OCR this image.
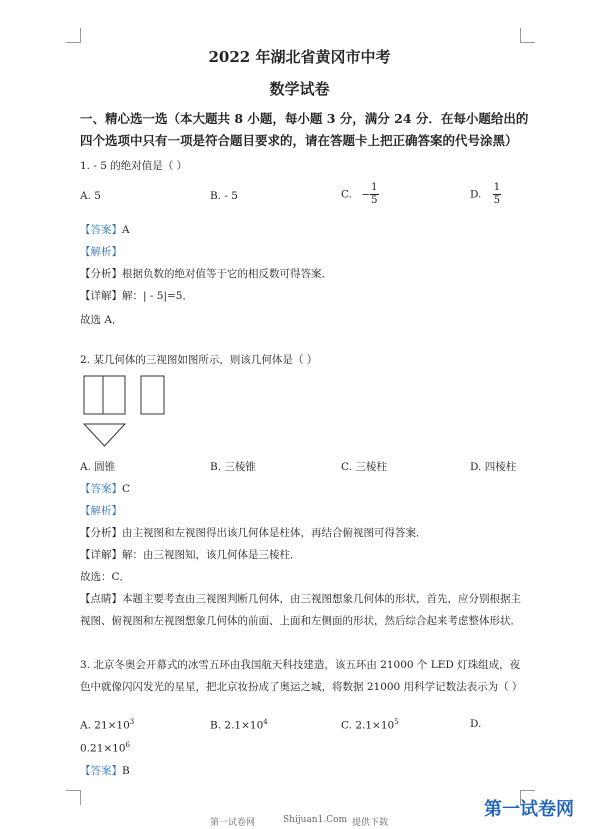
2022 年湖北省黄冈市中考
数学试卷
一、精心选一选（本大题共 8 小题，每小题 3 分，满分 24 分．在每小题给出的四个选项中只有一项是符合题目要求的，请在答题卡上把正确答案的代号涂黑）
1. - 5 的绝对值是（ ）
A. 5	B. - 5	C. − $\frac{1}{5}$	D. $\frac{1}{5}$
【答案】A
【解析】
【分析】根据负数的绝对值等于它的相反数可得答案．
【详解】解：| - 5|=5．
故选 A．
2. 某几何体的三视图如图所示，则该几何体是（ ）
A. 圆锥	B. 三棱锥	C. 三棱柱	D. 四棱柱
【答案】C
【解析】
【分析】由主视图和左视图得出该几何体是柱体，再结合俯视图可得答案．
【详解】解：由三视图知，该几何体是三棱柱．
故选：C．
【点睛】本题主要考查由三视图判断几何体，由三视图想象几何体的形状，首先，应分别根据主视图、俯视图和左视图想象几何体的前面、上面和左侧面的形状，然后综合起来考虑整体形状．
3. 北京冬奥会开幕式的冰雪五环由我国航天科技建造，该五环由 21000 个 LED 灯珠组成，夜色中就像闪闪发光的星星，把北京妆扮成了奥运之城，将数据 21000 用科学记数法表示为（ ）
A. $21\times 10^3$	B. $2.1\times 10^4$	C. $2.1\times 10^5$	D.
$0.21\times 10^6$
【答案】B
第一试卷网	Shijuan1.Com 提供下载
第一试卷网
